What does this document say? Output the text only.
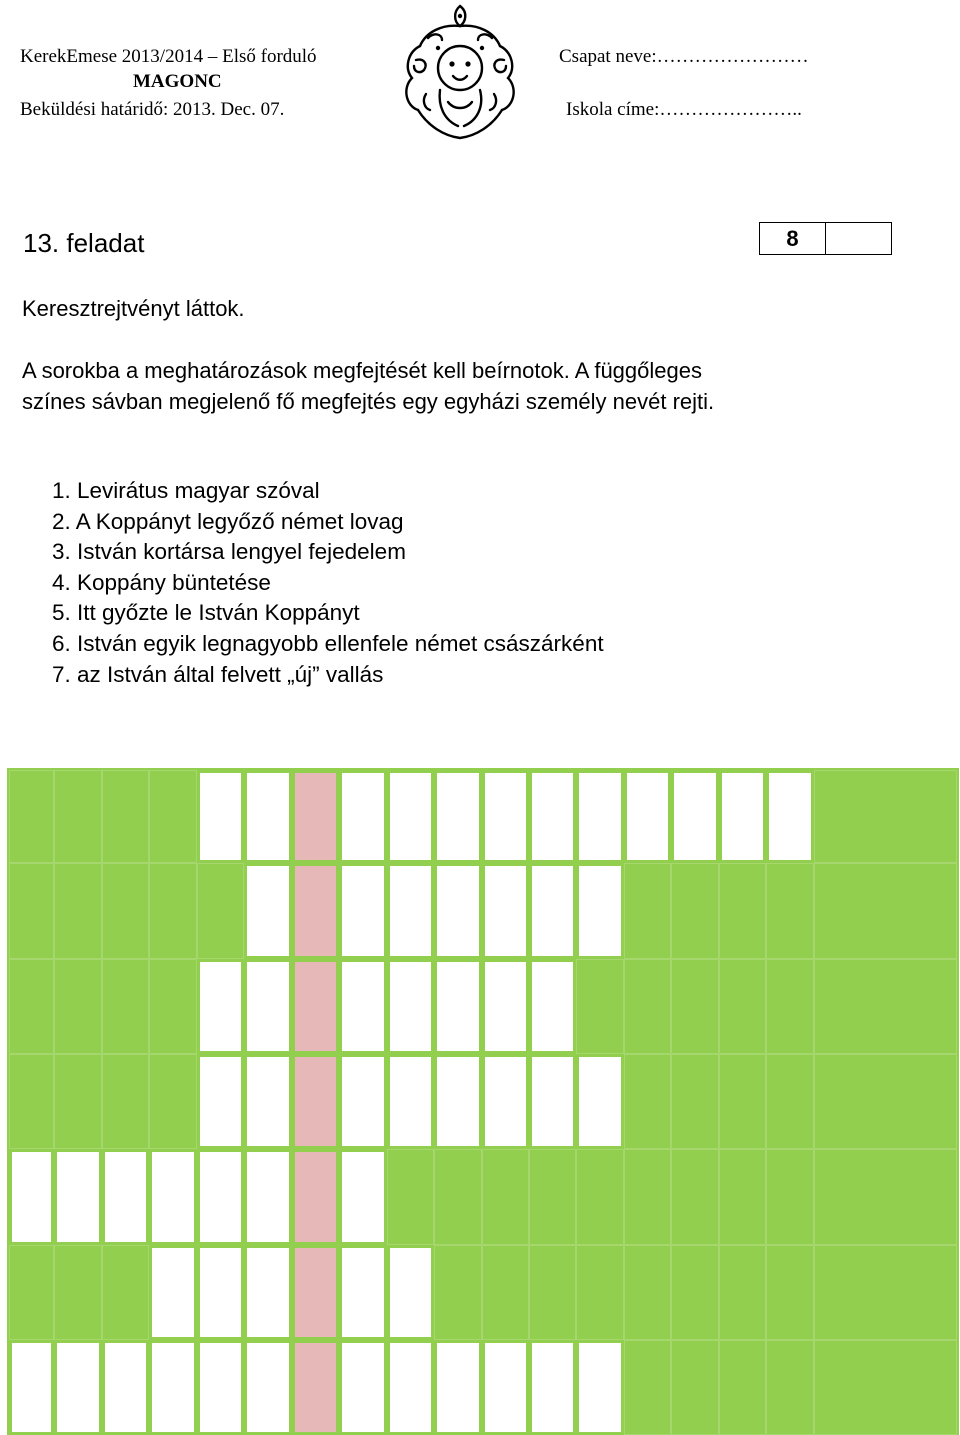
KerekEmese 2013/2014 – Első forduló
MAGONC
Beküldési határidő: 2013. Dec. 07.
Csapat neve:……………………
Iskola címe:…………………..
13. feladat	8
Keresztrejtvényt láttok.
A sorokba a meghatározások megfejtését kell beírnotok. A függőleges
színes sávban megjelenő fő megfejtés egy egyházi személy nevét rejti.
1. Levirátus magyar szóval
2. A Koppányt legyőző német lovag
3. István kortársa lengyel fejedelem
4. Koppány büntetése
5. Itt győzte le István Koppányt
6. István egyik legnagyobb ellenfele német császárként
7. az István által felvett „új” vallás
